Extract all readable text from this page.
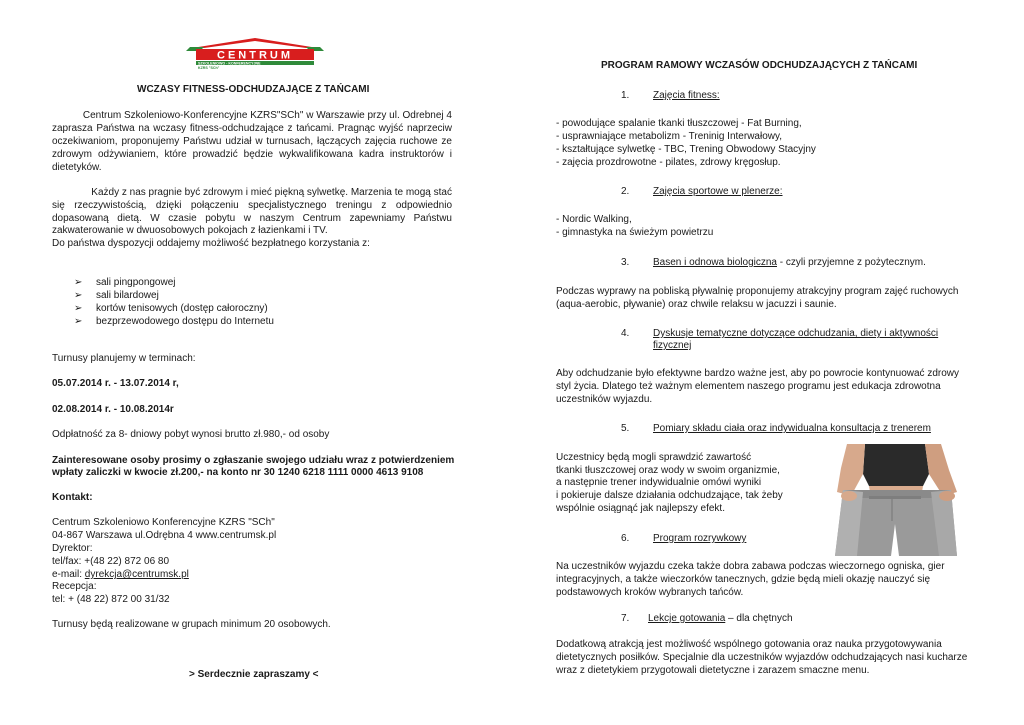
CENTRUM
SZKOLENIOWO - KONFERENCYJNE
KZRS "SCh"
WCZASY FITNESS-ODCHUDZAJĄCE Z TAŃCAMI
Centrum Szkoleniowo-Konferencyjne KZRS"SCh" w Warszawie przy ul. Odrebnej 4
zaprasza Państwa na wczasy fitness-odchudzające z tańcami. Pragnąc wyjść naprzeciw
oczekiwaniom, proponujemy Państwu udział w turnusach, łączących zajęcia ruchowe ze
zdrowym odżywianiem, które prowadzić będzie wykwalifikowana kadra instruktorów i
dietetyków.
Każdy z nas pragnie być zdrowym i mieć piękną sylwetkę. Marzenia te mogą stać
się rzeczywistością, dzięki połączeniu specjalistycznego treningu z odpowiednio
dopasowaną dietą. W czasie pobytu w naszym Centrum zapewniamy Państwu
zakwaterowanie w dwuosobowych pokojach z łazienkami i TV.
Do państwa dyspozycji oddajemy możliwość bezpłatnego korzystania z:
➢ sali pingpongowej
➢ sali bilardowej
➢ kortów tenisowych (dostęp całoroczny)
➢ bezprzewodowego dostępu do Internetu
Turnusy planujemy w terminach:
05.07.2014 r. - 13.07.2014 r,
02.08.2014 r. - 10.08.2014r
Odpłatność za 8- dniowy pobyt wynosi brutto zł.980,- od osoby
Zainteresowane osoby prosimy o zgłaszanie swojego udziału wraz z potwierdzeniem
wpłaty zaliczki w kwocie zł.200,- na konto nr 30 1240 6218 1111 0000 4613 9108
Kontakt:
Centrum Szkoleniowo Konferencyjne KZRS "SCh"
04-867 Warszawa ul.Odrębna 4 www.centrumsk.pl
Dyrektor:
tel/fax: +(48 22) 872 06 80
e-mail: dyrekcja@centrumsk.pl
Recepcja:
tel: + (48 22) 872 00 31/32
Turnusy będą realizowane w grupach minimum 20 osobowych.
> Serdecznie zapraszamy <
PROGRAM RAMOWY WCZASÓW ODCHUDZAJĄCYCH Z TAŃCAMI
1. Zajęcia fitness:
- powodujące spalanie tkanki tłuszczowej - Fat Burning,
- usprawniające metabolizm - Treninig Interwałowy,
- kształtujące sylwetkę - TBC, Trening Obwodowy Stacyjny
- zajęcia prozdrowotne - pilates, zdrowy kręgosłup.
2. Zajęcia sportowe w plenerze:
- Nordic Walking,
- gimnastyka na świeżym powietrzu
3. Basen i odnowa biologiczna - czyli przyjemne z pożytecznym.
Podczas wyprawy na pobliską pływalnię proponujemy atrakcyjny program zajęć ruchowych
(aqua-aerobic, pływanie) oraz chwile relaksu w jacuzzi i saunie.
4. Dyskusje tematyczne dotyczące odchudzania, diety i aktywności
fizycznej
Aby odchudzanie było efektywne bardzo ważne jest, aby po powrocie kontynuować zdrowy
styl życia. Dlatego też ważnym elementem naszego programu jest edukacja zdrowotna
uczestników wyjazdu.
5. Pomiary składu ciała oraz indywidualna konsultacja z trenerem
Uczestnicy będą mogli sprawdzić zawartość
tkanki tłuszczowej oraz wody w swoim organizmie,
a następnie trener indywidualnie omówi wyniki
i pokieruje dalsze działania odchudzające, tak żeby
wspólnie osiągnąć jak najlepszy efekt.
6. Program rozrywkowy
Na uczestników wyjazdu czeka także dobra zabawa podczas wieczornego ogniska, gier
integracyjnych, a także wieczorków tanecznych, gdzie będą mieli okazję nauczyć się
podstawowych kroków wybranych tańców.
7. Lekcje gotowania – dla chętnych
Dodatkową atrakcją jest możliwość wspólnego gotowania oraz nauka przygotowywania
dietetycznych posiłków. Specjalnie dla uczestników wyjazdów odchudzających nasi kucharze
wraz z dietetykiem przygotowali dietetyczne i zarazem smaczne menu.
